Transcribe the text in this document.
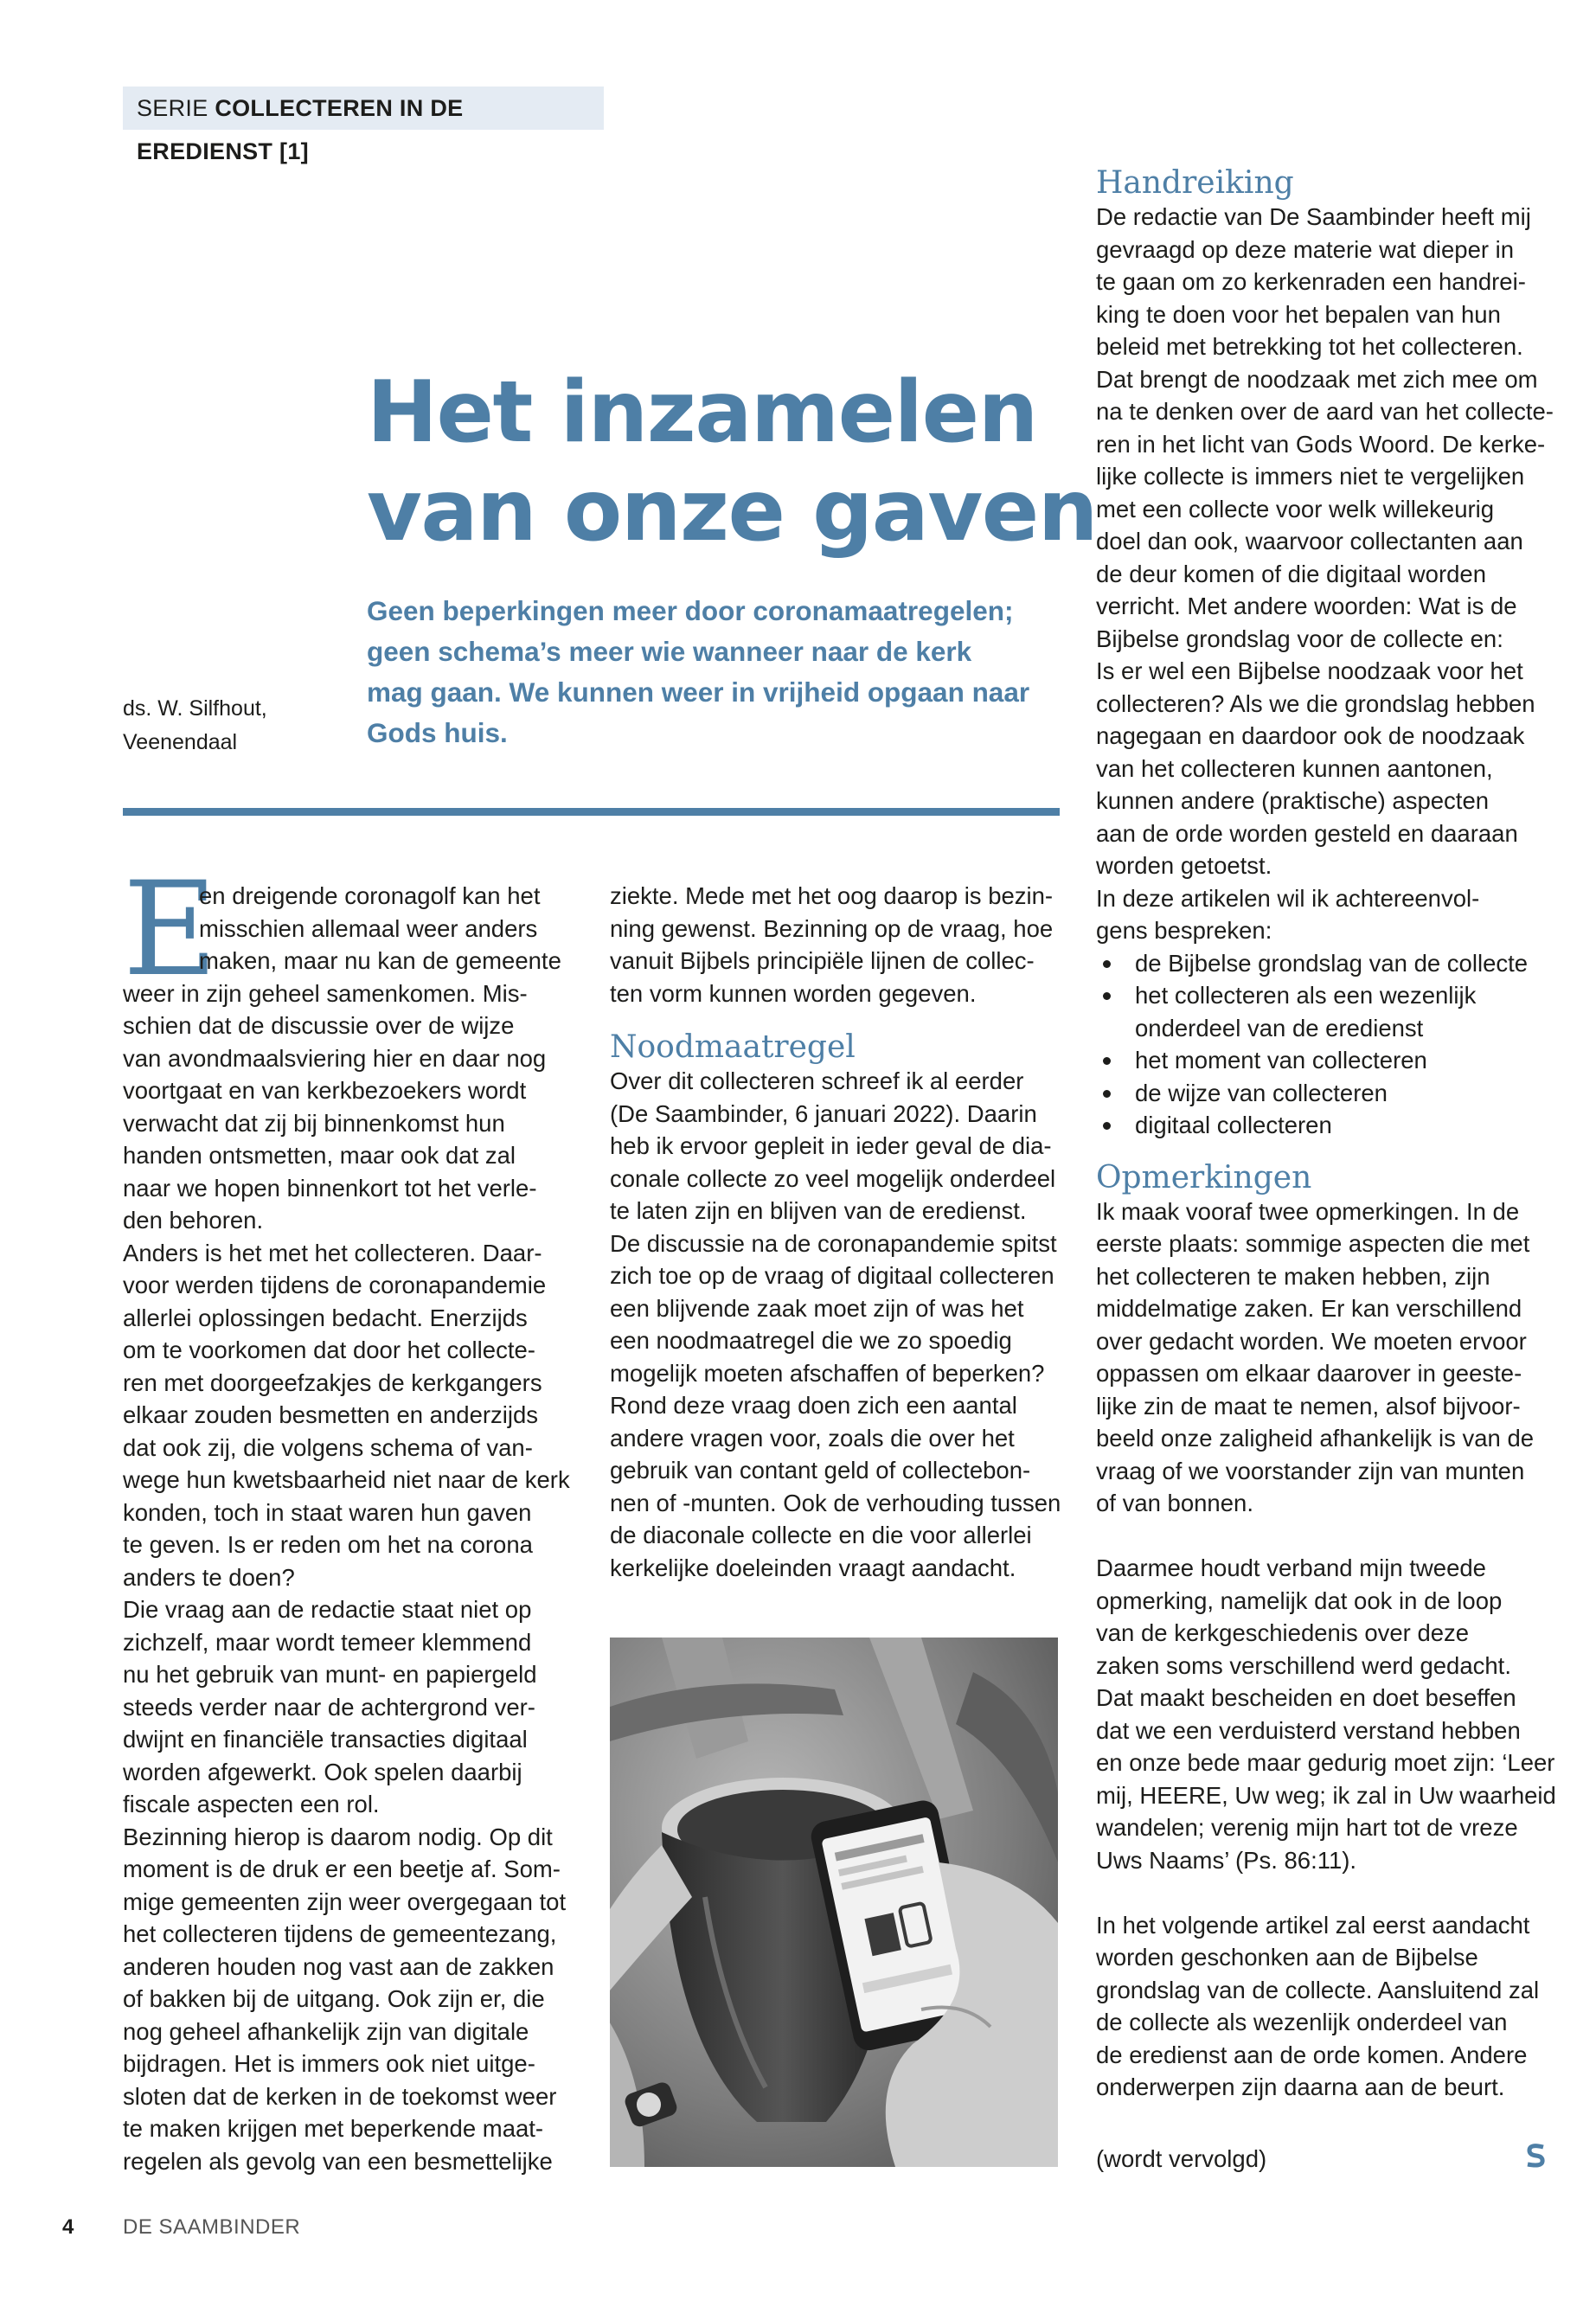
SERIE COLLECTEREN IN DE EREDIENST [1]
Het inzamelen
van onze gaven
Geen beperkingen meer door coronamaatregelen;
geen schema’s meer wie wanneer naar de kerk
mag gaan. We kunnen weer in vrijheid opgaan naar
Gods huis.
ds. W. Silfhout,
Veenendaal
E
en dreigende coronagolf kan het
misschien allemaal weer anders
maken, maar nu kan de gemeente
weer in zijn geheel samenkomen. Mis-
schien dat de discussie over de wijze
van avondmaalsviering hier en daar nog
voortgaat en van kerkbezoekers wordt
verwacht dat zij bij binnenkomst hun
handen ontsmetten, maar ook dat zal
naar we hopen binnenkort tot het verle-
den behoren.
Anders is het met het collecteren. Daar-
voor werden tijdens de coronapandemie
allerlei oplossingen bedacht. Enerzijds
om te voorkomen dat door het collecte-
ren met doorgeefzakjes de kerkgangers
elkaar zouden besmetten en anderzijds
dat ook zij, die volgens schema of van-
wege hun kwetsbaarheid niet naar de kerk
konden, toch in staat waren hun gaven
te geven. Is er reden om het na corona
anders te doen?
Die vraag aan de redactie staat niet op
zichzelf, maar wordt temeer klemmend
nu het gebruik van munt- en papiergeld
steeds verder naar de achtergrond ver-
dwijnt en financiële transacties digitaal
worden afgewerkt. Ook spelen daarbij
fiscale aspecten een rol.
Bezinning hierop is daarom nodig. Op dit
moment is de druk er een beetje af. Som-
mige gemeenten zijn weer overgegaan tot
het collecteren tijdens de gemeentezang,
anderen houden nog vast aan de zakken
of bakken bij de uitgang. Ook zijn er, die
nog geheel afhankelijk zijn van digitale
bijdragen. Het is immers ook niet uitge-
sloten dat de kerken in de toekomst weer
te maken krijgen met beperkende maat-
regelen als gevolg van een besmettelijke
ziekte. Mede met het oog daarop is bezin-
ning gewenst. Bezinning op de vraag, hoe
vanuit Bijbels principiële lijnen de collec-
ten vorm kunnen worden gegeven.
Noodmaatregel
Over dit collecteren schreef ik al eerder
(De Saambinder, 6 januari 2022). Daarin
heb ik ervoor gepleit in ieder geval de dia-
conale collecte zo veel mogelijk onderdeel
te laten zijn en blijven van de eredienst.
De discussie na de coronapandemie spitst
zich toe op de vraag of digitaal collecteren
een blijvende zaak moet zijn of was het
een noodmaatregel die we zo spoedig
mogelijk moeten afschaffen of beperken?
Rond deze vraag doen zich een aantal
andere vragen voor, zoals die over het
gebruik van contant geld of collectebon-
nen of -munten. Ook de verhouding tussen
de diaconale collecte en die voor allerlei
kerkelijke doeleinden vraagt aandacht.
Handreiking
De redactie van De Saambinder heeft mij
gevraagd op deze materie wat dieper in
te gaan om zo kerkenraden een handrei-
king te doen voor het bepalen van hun
beleid met betrekking tot het collecteren.
Dat brengt de noodzaak met zich mee om
na te denken over de aard van het collecte-
ren in het licht van Gods Woord. De kerke-
lijke collecte is immers niet te vergelijken
met een collecte voor welk willekeurig
doel dan ook, waarvoor collectanten aan
de deur komen of die digitaal worden
verricht. Met andere woorden: Wat is de
Bijbelse grondslag voor de collecte en:
Is er wel een Bijbelse noodzaak voor het
collecteren? Als we die grondslag hebben
nagegaan en daardoor ook de noodzaak
van het collecteren kunnen aantonen,
kunnen andere (praktische) aspecten
aan de orde worden gesteld en daaraan
worden getoetst.
In deze artikelen wil ik achtereenvol-
gens bespreken:
de Bijbelse grondslag van de collecte
het collecteren als een wezenlijk
onderdeel van de eredienst
het moment van collecteren
de wijze van collecteren
digitaal collecteren
Opmerkingen
Ik maak vooraf twee opmerkingen. In de
eerste plaats: sommige aspecten die met
het collecteren te maken hebben, zijn
middelmatige zaken. Er kan verschillend
over gedacht worden. We moeten ervoor
oppassen om elkaar daarover in geeste-
lijke zin de maat te nemen, alsof bijvoor-
beeld onze zaligheid afhankelijk is van de
vraag of we voorstander zijn van munten
of van bonnen.
Daarmee houdt verband mijn tweede
opmerking, namelijk dat ook in de loop
van de kerkgeschiedenis over deze
zaken soms verschillend werd gedacht.
Dat maakt bescheiden en doet beseffen
dat we een verduisterd verstand hebben
en onze bede maar gedurig moet zijn: ‘Leer
mij, HEERE, Uw weg; ik zal in Uw waarheid
wandelen; verenig mijn hart tot de vreze
Uws Naams’ (Ps. 86:11).
In het volgende artikel zal eerst aandacht
worden geschonken aan de Bijbelse
grondslag van de collecte. Aansluitend zal
de collecte als wezenlijk onderdeel van
de eredienst aan de orde komen. Andere
onderwerpen zijn daarna aan de beurt.
(wordt vervolgd)
4 DE SAAMBINDER
